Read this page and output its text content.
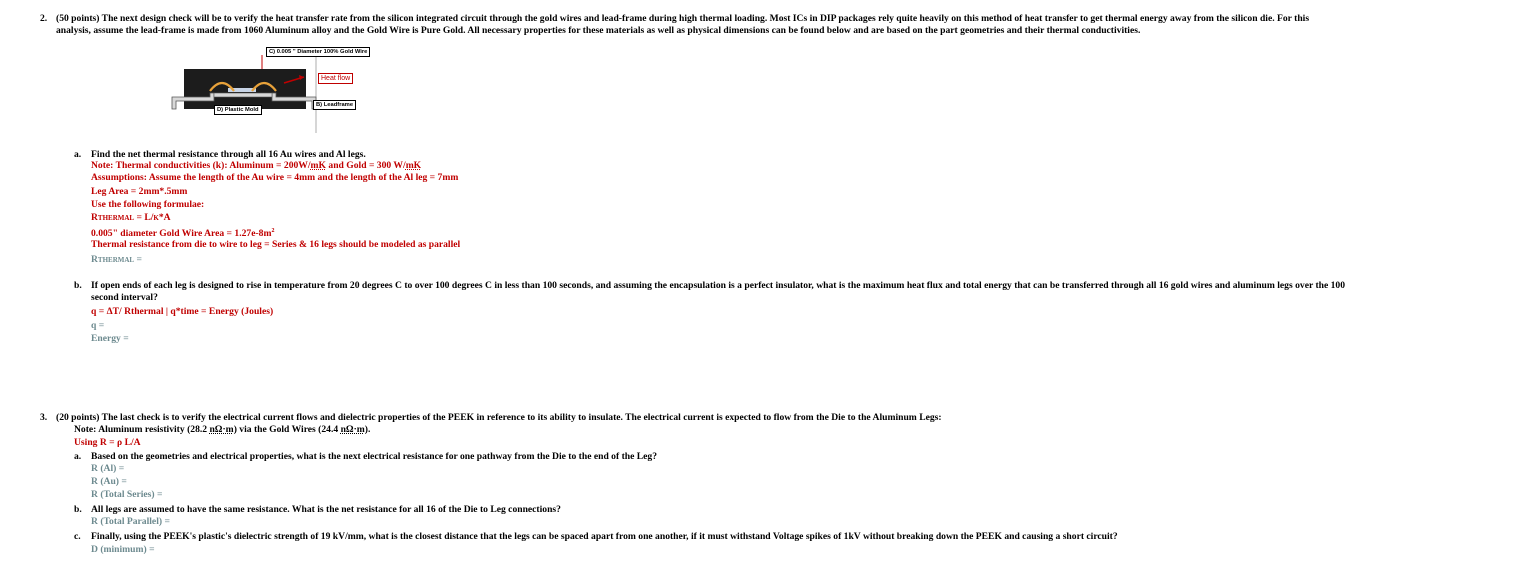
2. (50 points) The next design check will be to verify the heat transfer rate from the silicon integrated circuit through the gold wires and lead-frame during high thermal loading. Most ICs in DIP packages rely quite heavily on this method of heat transfer to get thermal energy away from the silicon die. For this
analysis, assume the lead-frame is made from 1060 Aluminum alloy and the Gold Wire is Pure Gold. All necessary properties for these materials as well as physical dimensions can be found below and are based on the part geometries and their thermal conductivities.
C) 0.005 " Diameter 100% Gold Wire
Heat flow
B) Leadframe
D) Plastic Mold
a. Find the net thermal resistance through all 16 Au wires and Al legs.
Note: Thermal conductivities (k): Aluminum = 200W/mK and Gold = 300 W/mK
Assumptions: Assume the length of the Au wire = 4mm and the length of the Al leg = 7mm
Leg Area = 2mm*.5mm
Use the following formulae:
Rthermal = L/k*A
0.005" diameter Gold Wire Area = $1.27e-8m^2$
Thermal resistance from die to wire to leg = Series & 16 legs should be modeled as parallel
Rthermal =
b. If open ends of each leg is designed to rise in temperature from 20 degrees C to over 100 degrees C in less than 100 seconds, and assuming the encapsulation is a perfect insulator, what is the maximum heat flux and total energy that can be transferred through all 16 gold wires and aluminum legs over the 100
second interval?
q = ΔT/ Rthermal | q*time = Energy (Joules)
q =
Energy =
3. (20 points) The last check is to verify the electrical current flows and dielectric properties of the PEEK in reference to its ability to insulate. The electrical current is expected to flow from the Die to the Aluminum Legs:
Note: Aluminum resistivity (28.2 nΩ·m) via the Gold Wires (24.4 nΩ·m).
Using R = ρ L/A
a. Based on the geometries and electrical properties, what is the next electrical resistance for one pathway from the Die to the end of the Leg?
R (Al) =
R (Au) =
R (Total Series) =
b. All legs are assumed to have the same resistance. What is the net resistance for all 16 of the Die to Leg connections?
R (Total Parallel) =
c. Finally, using the PEEK's plastic's dielectric strength of 19 kV/mm, what is the closest distance that the legs can be spaced apart from one another, if it must withstand Voltage spikes of 1kV without breaking down the PEEK and causing a short circuit?
D (minimum) =
